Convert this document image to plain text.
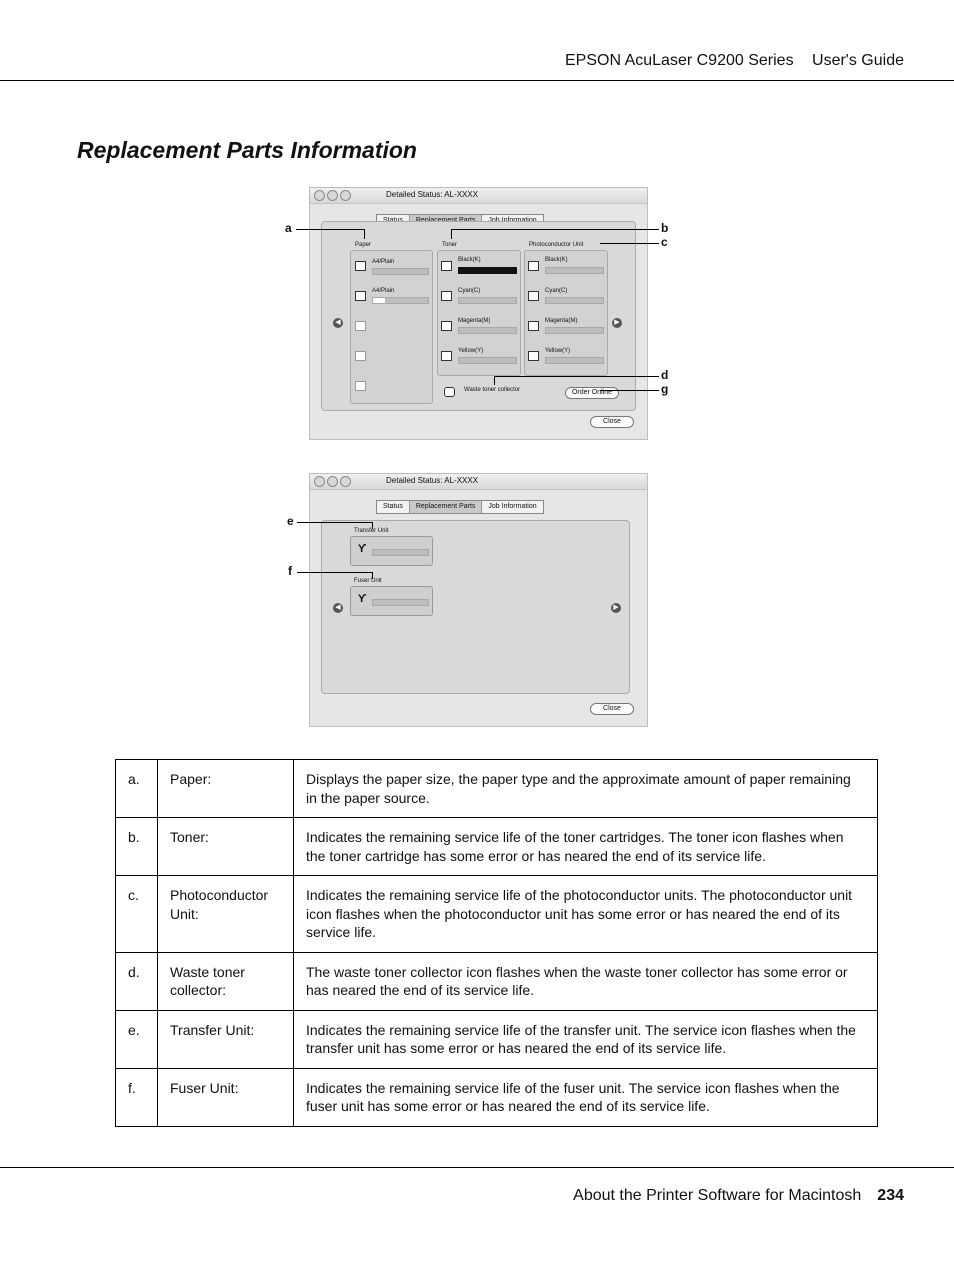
EPSON AcuLaser C9200 Series User's Guide
Replacement Parts Information
Detailed Status: AL-XXXX
Paper
A4/Plain
A4/Plain
Toner
Black(K)
Cyan(C)
Magenta(M)
Yellow(Y)
Photoconductor Unit
Black(K)
Cyan(C)
Magenta(M)
Yellow(Y)
Waste toner collector	Order Online
◀	▶
Close
Detailed Status: AL-XXXX
Status	Replacement Parts	Job Information
Transfer Unit
ϒ
Fuser Unit
ϒ
◀	▶
Close
a	b
c
d
g
e
f
a.	Paper:	Displays the paper size, the paper type and the approximate amount of paper remaining in the paper source.
b.	Toner:	Indicates the remaining service life of the toner cartridges. The toner icon flashes when the toner cartridge has some error or has neared the end of its service life.
c.	Photoconductor Unit:	Indicates the remaining service life of the photoconductor units. The photoconductor unit icon flashes when the photoconductor unit has some error or has neared the end of its service life.
d.	Waste toner collector:	The waste toner collector icon flashes when the waste toner collector has some error or has neared the end of its service life.
e.	Transfer Unit:	Indicates the remaining service life of the transfer unit. The service icon flashes when the transfer unit has some error or has neared the end of its service life.
f.	Fuser Unit:	Indicates the remaining service life of the fuser unit. The service icon flashes when the fuser unit has some error or has neared the end of its service life.
About the Printer Software for Macintosh 234
